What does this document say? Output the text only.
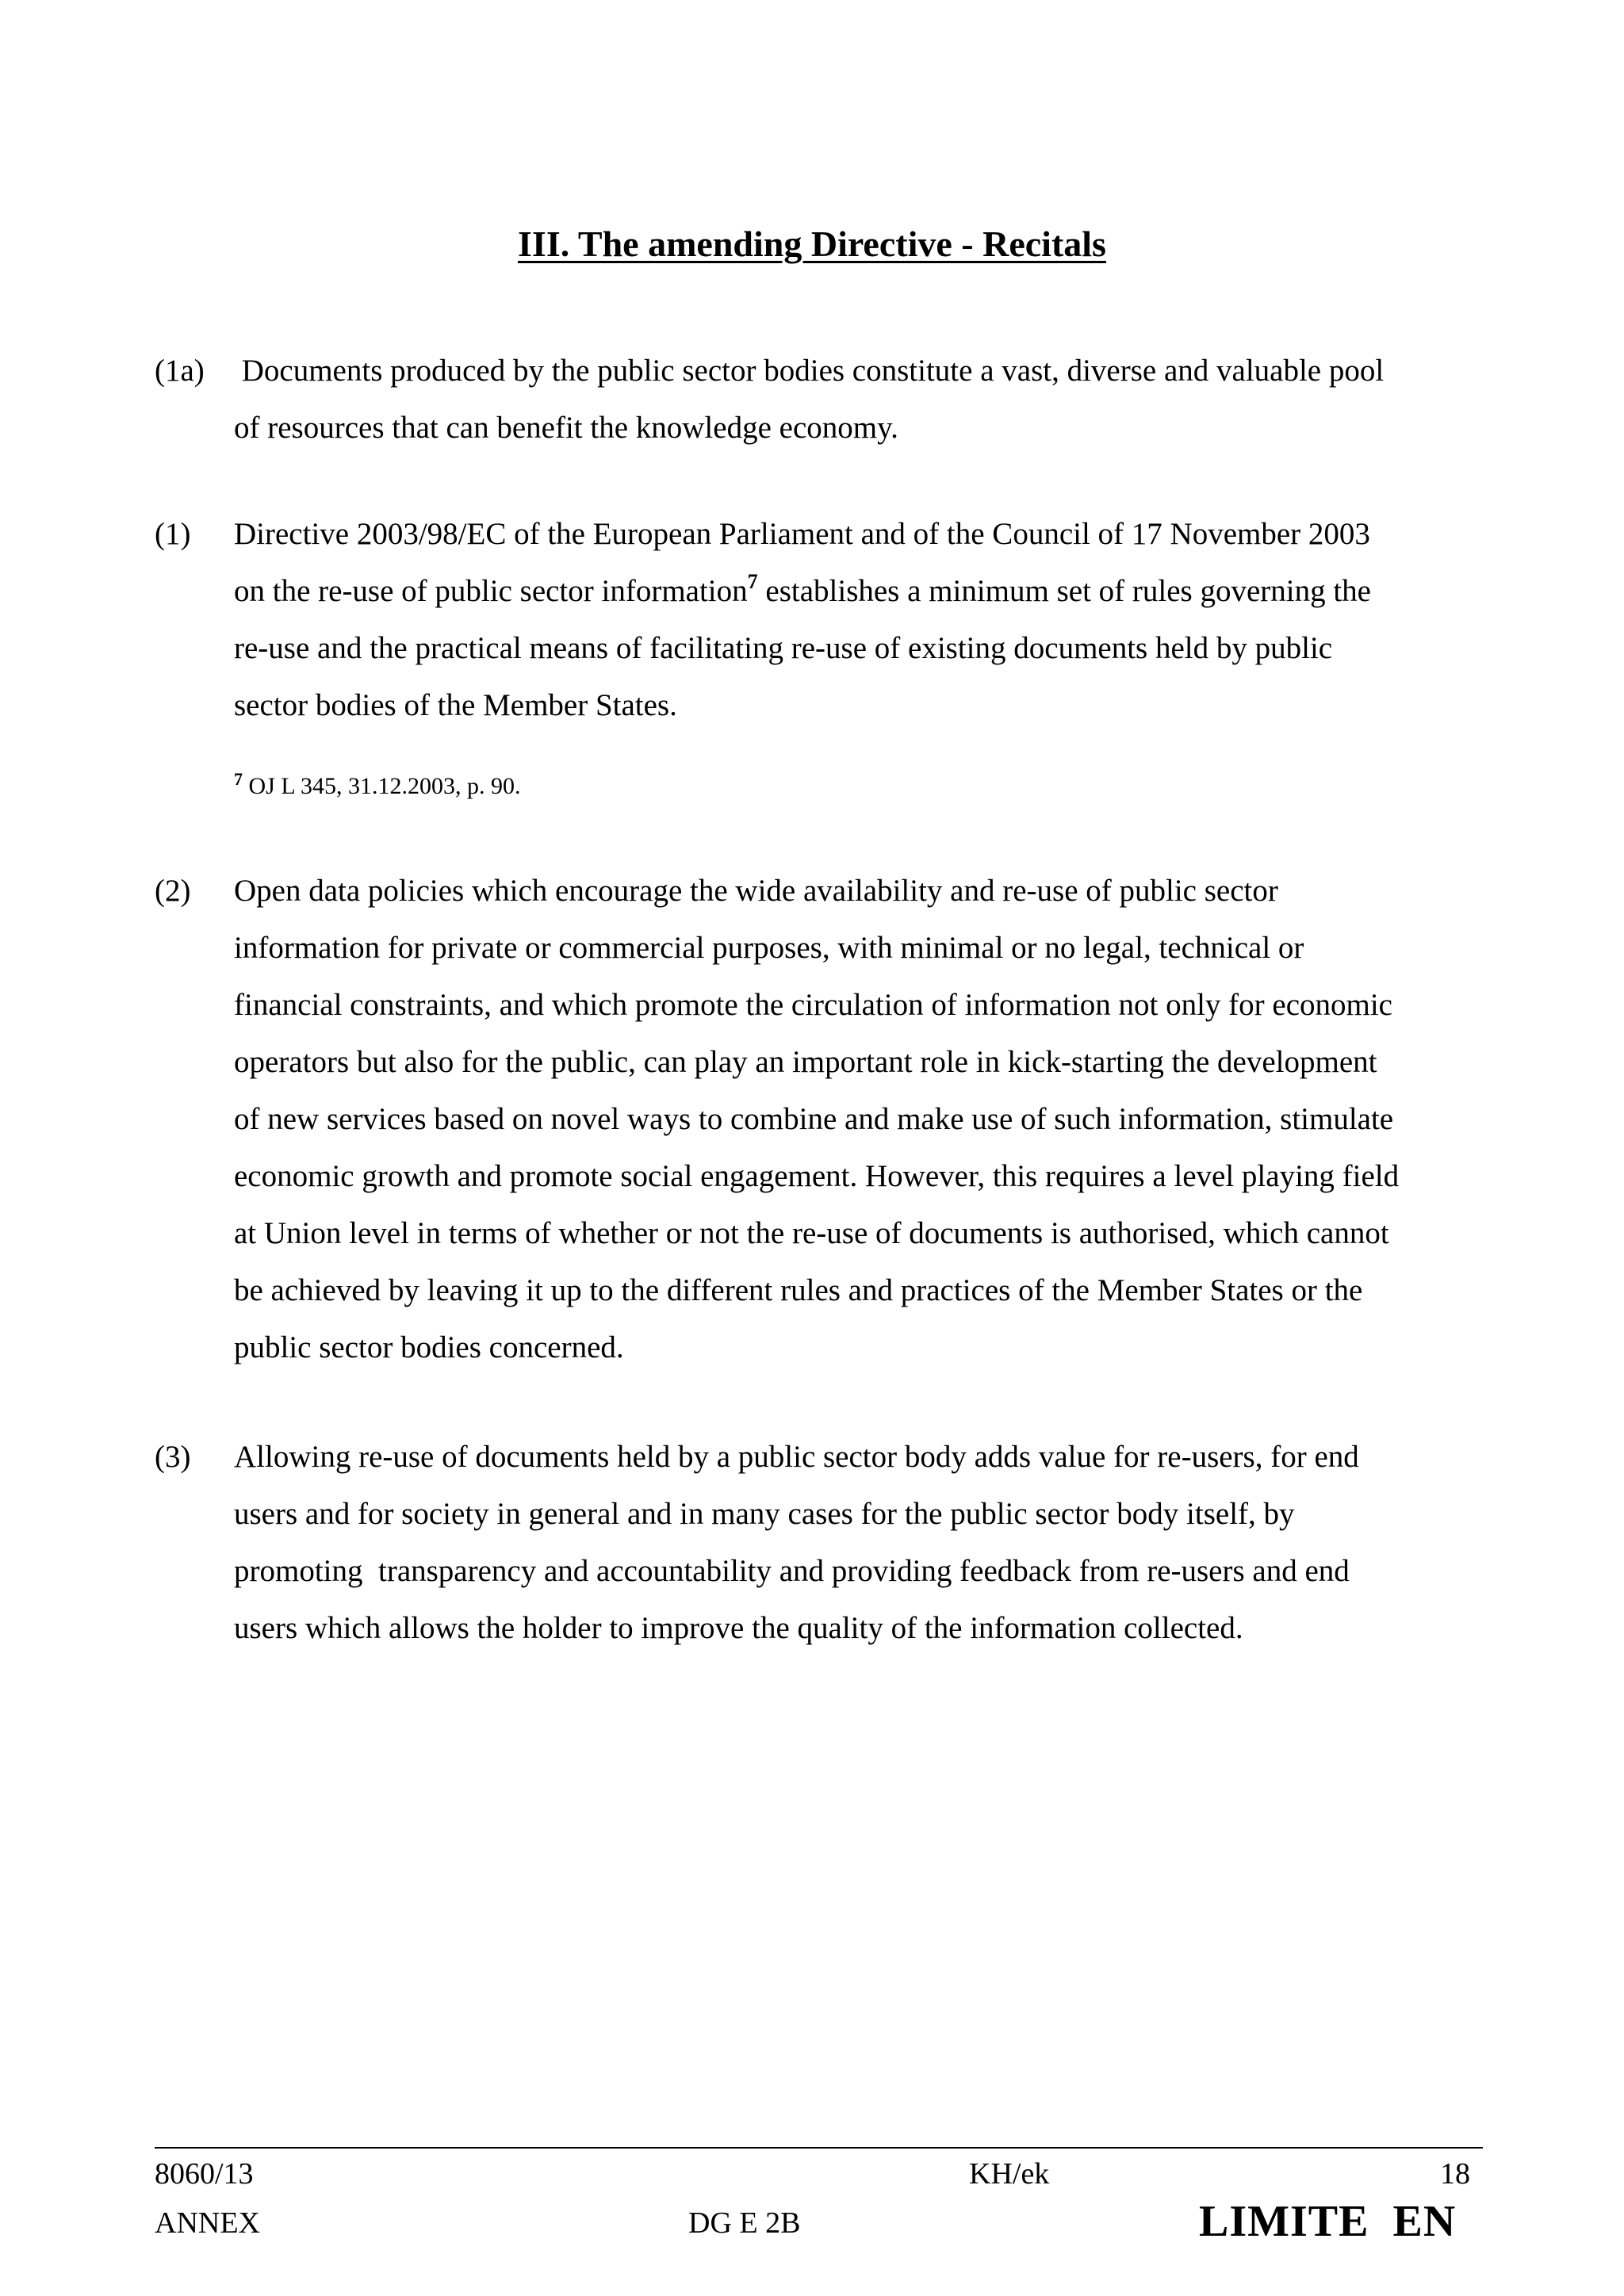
III. The amending Directive - Recitals
(1a) Documents produced by the public sector bodies constitute a vast, diverse and valuable pool
of resources that can benefit the knowledge economy.
(1) Directive 2003/98/EC of the European Parliament and of the Council of 17 November 2003
on the re-use of public sector information$^7$ establishes a minimum set of rules governing the
re-use and the practical means of facilitating re-use of existing documents held by public
sector bodies of the Member States.
$^7$ OJ L 345, 31.12.2003, p. 90.
(2) Open data policies which encourage the wide availability and re-use of public sector
information for private or commercial purposes, with minimal or no legal, technical or
financial constraints, and which promote the circulation of information not only for economic
operators but also for the public, can play an important role in kick-starting the development
of new services based on novel ways to combine and make use of such information, stimulate
economic growth and promote social engagement. However, this requires a level playing field
at Union level in terms of whether or not the re-use of documents is authorised, which cannot
be achieved by leaving it up to the different rules and practices of the Member States or the
public sector bodies concerned.
(3) Allowing re-use of documents held by a public sector body adds value for re-users, for end
users and for society in general and in many cases for the public sector body itself, by
promoting  transparency and accountability and providing feedback from re-users and end
users which allows the holder to improve the quality of the information collected.
8060/13
ANNEX
KH/ek
DG E 2B
18
LIMITE EN
